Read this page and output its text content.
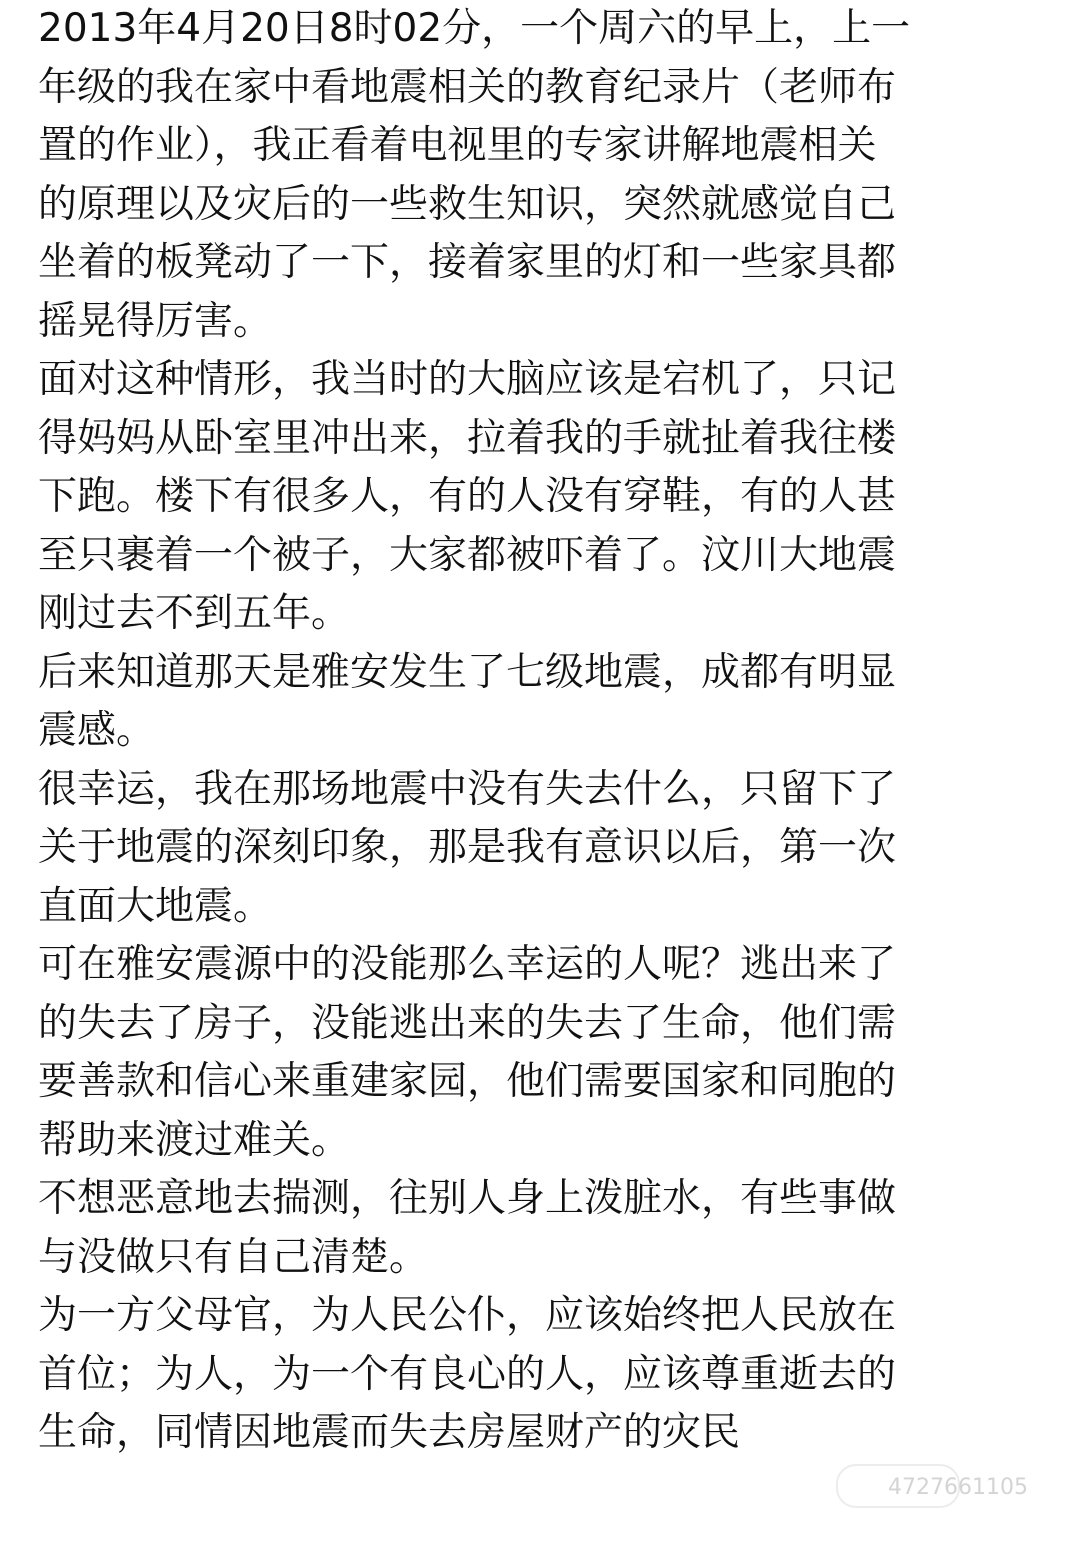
2013年4月20日8时02分，一个周六的早上，上一
年级的我在家中看地震相关的教育纪录片（老师布
置的作业），我正看着电视里的专家讲解地震相关
的原理以及灾后的一些救生知识，突然就感觉自己
坐着的板凳动了一下，接着家里的灯和一些家具都
摇晃得厉害。
面对这种情形，我当时的大脑应该是宕机了，只记
得妈妈从卧室里冲出来，拉着我的手就扯着我往楼
下跑。楼下有很多人，有的人没有穿鞋，有的人甚
至只裹着一个被子，大家都被吓着了。汶川大地震
刚过去不到五年。
后来知道那天是雅安发生了七级地震，成都有明显
震感。
很幸运，我在那场地震中没有失去什么，只留下了
关于地震的深刻印象，那是我有意识以后，第一次
直面大地震。
可在雅安震源中的没能那么幸运的人呢？逃出来了
的失去了房子，没能逃出来的失去了生命，他们需
要善款和信心来重建家园，他们需要国家和同胞的
帮助来渡过难关。
不想恶意地去揣测，往别人身上泼脏水，有些事做
与没做只有自己清楚。
为一方父母官，为人民公仆，应该始终把人民放在
首位；为人，为一个有良心的人，应该尊重逝去的
生命，同情因地震而失去房屋财产的灾民
4727661105
